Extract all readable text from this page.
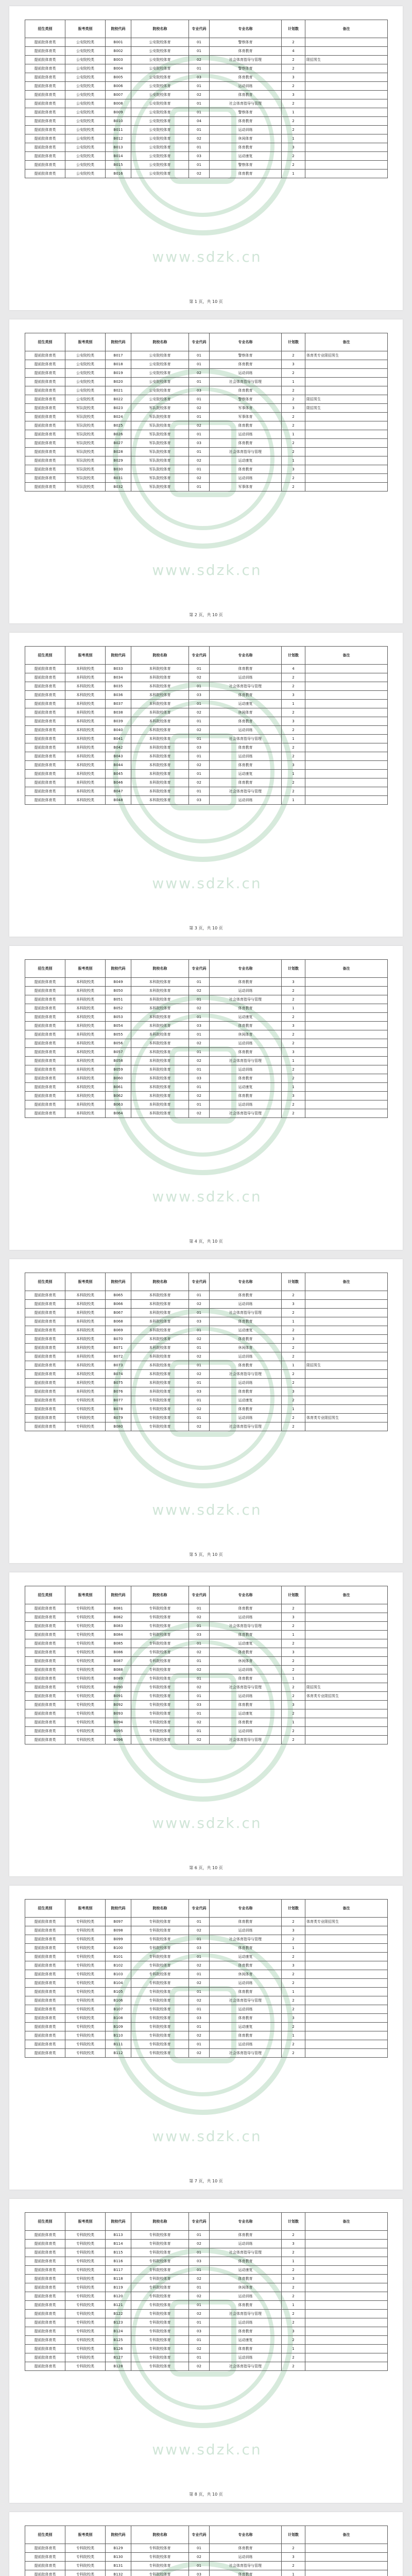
www.sdzk.cn
招生类别	报考类别	院校代码	院校名称	专业代码	专业名称	计划数	备注
提前批体育类	公安院校类	B001	公安院校体育	01	警察体育	2	
提前批体育类	公安院校类	B002	公安院校体育	01	体育教育	4	
提前批体育类	公安院校类	B003	公安院校体育	02	社会体育指导与管理	2	限招男生
提前批体育类	公安院校类	B004	公安院校体育	01	警察体育	2	
提前批体育类	公安院校类	B005	公安院校体育	03	体育教育	3	
提前批体育类	公安院校类	B006	公安院校体育	01	运动训练	2	
提前批体育类	公安院校类	B007	公安院校体育	02	体育教育	3	
提前批体育类	公安院校类	B008	公安院校体育	01	社会体育指导与管理	2	
提前批体育类	公安院校类	B009	公安院校体育	01	警察体育	1	
提前批体育类	公安院校类	B010	公安院校体育	04	体育教育	2	
提前批体育类	公安院校类	B011	公安院校体育	01	运动训练	2	
提前批体育类	公安院校类	B012	公安院校体育	02	休闲体育	1	
提前批体育类	公安院校类	B013	公安院校体育	01	体育教育	3	
提前批体育类	公安院校类	B014	公安院校体育	03	运动康复	2	
提前批体育类	公安院校类	B015	公安院校体育	01	警察体育	2	
提前批体育类	公安院校类	B016	公安院校体育	02	体育教育	1	
第 1 页，共 10 页
www.sdzk.cn
招生类别	报考类别	院校代码	院校名称	专业代码	专业名称	计划数	备注
提前批体育类	公安院校类	B017	公安院校体育	01	警察体育	2	体育类专业限招男生
提前批体育类	公安院校类	B018	公安院校体育	01	体育教育	3	
提前批体育类	公安院校类	B019	公安院校体育	02	运动训练	2	
提前批体育类	公安院校类	B020	公安院校体育	01	社会体育指导与管理	1	
提前批体育类	公安院校类	B021	公安院校体育	03	体育教育	2	
提前批体育类	公安院校类	B022	公安院校体育	01	警察体育	2	限招男生
提前批体育类	军队院校类	B023	军队院校体育	02	军事体育	3	限招男生
提前批体育类	军队院校类	B024	军队院校体育	01	军事体育	2	
提前批体育类	军队院校类	B025	军队院校体育	02	体育教育	2	
提前批体育类	军队院校类	B026	军队院校体育	01	运动训练	1	
提前批体育类	军队院校类	B027	军队院校体育	03	体育教育	2	
提前批体育类	军队院校类	B028	军队院校体育	01	社会体育指导与管理	2	
提前批体育类	军队院校类	B029	军队院校体育	02	运动康复	1	
提前批体育类	军队院校类	B030	军队院校体育	01	体育教育	3	
提前批体育类	军队院校类	B031	军队院校体育	02	运动训练	2	
提前批体育类	军队院校类	B032	军队院校体育	01	军事体育	2	
第 2 页，共 10 页
www.sdzk.cn
招生类别	报考类别	院校代码	院校名称	专业代码	专业名称	计划数	备注
提前批体育类	本科院校类	B033	本科院校体育	01	体育教育	4	
提前批体育类	本科院校类	B034	本科院校体育	02	运动训练	2	
提前批体育类	本科院校类	B035	本科院校体育	01	社会体育指导与管理	2	
提前批体育类	本科院校类	B036	本科院校体育	03	体育教育	3	
提前批体育类	本科院校类	B037	本科院校体育	01	运动康复	1	
提前批体育类	本科院校类	B038	本科院校体育	02	休闲体育	2	
提前批体育类	本科院校类	B039	本科院校体育	01	体育教育	3	
提前批体育类	本科院校类	B040	本科院校体育	02	运动训练	2	
提前批体育类	本科院校类	B041	本科院校体育	01	社会体育指导与管理	1	
提前批体育类	本科院校类	B042	本科院校体育	03	体育教育	2	
提前批体育类	本科院校类	B043	本科院校体育	01	运动训练	2	
提前批体育类	本科院校类	B044	本科院校体育	02	体育教育	3	
提前批体育类	本科院校类	B045	本科院校体育	01	运动康复	1	
提前批体育类	本科院校类	B046	本科院校体育	02	体育教育	2	
提前批体育类	本科院校类	B047	本科院校体育	01	社会体育指导与管理	2	
提前批体育类	本科院校类	B048	本科院校体育	03	运动训练	1	
第 3 页，共 10 页
www.sdzk.cn
招生类别	报考类别	院校代码	院校名称	专业代码	专业名称	计划数	备注
提前批体育类	本科院校类	B049	本科院校体育	01	体育教育	3	
提前批体育类	本科院校类	B050	本科院校体育	02	运动训练	2	
提前批体育类	本科院校类	B051	本科院校体育	01	社会体育指导与管理	2	
提前批体育类	本科院校类	B052	本科院校体育	02	体育教育	1	
提前批体育类	本科院校类	B053	本科院校体育	01	运动康复	2	
提前批体育类	本科院校类	B054	本科院校体育	03	体育教育	3	
提前批体育类	本科院校类	B055	本科院校体育	01	休闲体育	2	
提前批体育类	本科院校类	B056	本科院校体育	02	运动训练	2	
提前批体育类	本科院校类	B057	本科院校体育	01	体育教育	3	
提前批体育类	本科院校类	B058	本科院校体育	02	社会体育指导与管理	1	
提前批体育类	本科院校类	B059	本科院校体育	01	运动训练	2	
提前批体育类	本科院校类	B060	本科院校体育	03	体育教育	2	
提前批体育类	本科院校类	B061	本科院校体育	01	运动康复	1	
提前批体育类	本科院校类	B062	本科院校体育	02	体育教育	3	
提前批体育类	本科院校类	B063	本科院校体育	01	运动训练	2	
提前批体育类	本科院校类	B064	本科院校体育	02	社会体育指导与管理	2	
第 4 页，共 10 页
www.sdzk.cn
招生类别	报考类别	院校代码	院校名称	专业代码	专业名称	计划数	备注
提前批体育类	本科院校类	B065	本科院校体育	01	体育教育	2	
提前批体育类	本科院校类	B066	本科院校体育	02	运动训练	3	
提前批体育类	本科院校类	B067	本科院校体育	01	社会体育指导与管理	2	
提前批体育类	本科院校类	B068	本科院校体育	03	体育教育	1	
提前批体育类	本科院校类	B069	本科院校体育	01	运动康复	2	
提前批体育类	本科院校类	B070	本科院校体育	02	体育教育	3	
提前批体育类	本科院校类	B071	本科院校体育	01	休闲体育	2	
提前批体育类	本科院校类	B072	本科院校体育	02	运动训练	2	
提前批体育类	本科院校类	B073	本科院校体育	01	体育教育	1	限招男生
提前批体育类	本科院校类	B074	本科院校体育	02	社会体育指导与管理	2	
提前批体育类	本科院校类	B075	本科院校体育	01	运动训练	2	
提前批体育类	本科院校类	B076	本科院校体育	03	体育教育	3	
提前批体育类	专科院校类	B077	专科院校体育	01	运动康复	2	
提前批体育类	专科院校类	B078	专科院校体育	02	体育教育	1	
提前批体育类	专科院校类	B079	专科院校体育	01	运动训练	2	体育类专业限招男生
提前批体育类	专科院校类	B080	专科院校体育	02	社会体育指导与管理	2	
第 5 页，共 10 页
www.sdzk.cn
招生类别	报考类别	院校代码	院校名称	专业代码	专业名称	计划数	备注
提前批体育类	专科院校类	B081	专科院校体育	01	体育教育	2	
提前批体育类	专科院校类	B082	专科院校体育	02	运动训练	3	
提前批体育类	专科院校类	B083	专科院校体育	01	社会体育指导与管理	2	
提前批体育类	专科院校类	B084	专科院校体育	03	体育教育	1	
提前批体育类	专科院校类	B085	专科院校体育	01	运动康复	2	
提前批体育类	专科院校类	B086	专科院校体育	02	体育教育	3	
提前批体育类	专科院校类	B087	专科院校体育	01	休闲体育	2	
提前批体育类	专科院校类	B088	专科院校体育	02	运动训练	2	
提前批体育类	专科院校类	B089	专科院校体育	01	体育教育	1	
提前批体育类	专科院校类	B090	专科院校体育	02	社会体育指导与管理	2	限招男生
提前批体育类	专科院校类	B091	专科院校体育	01	运动训练	2	体育类专业限招男生
提前批体育类	专科院校类	B092	专科院校体育	03	体育教育	3	
提前批体育类	专科院校类	B093	专科院校体育	01	运动康复	2	
提前批体育类	专科院校类	B094	专科院校体育	02	体育教育	1	
提前批体育类	专科院校类	B095	专科院校体育	01	运动训练	2	
提前批体育类	专科院校类	B096	专科院校体育	02	社会体育指导与管理	2	
第 6 页，共 10 页
www.sdzk.cn
招生类别	报考类别	院校代码	院校名称	专业代码	专业名称	计划数	备注
提前批体育类	专科院校类	B097	专科院校体育	01	体育教育	2	体育类专业限招男生
提前批体育类	专科院校类	B098	专科院校体育	02	运动训练	3	
提前批体育类	专科院校类	B099	专科院校体育	01	社会体育指导与管理	2	
提前批体育类	专科院校类	B100	专科院校体育	03	体育教育	1	
提前批体育类	专科院校类	B101	专科院校体育	01	运动康复	2	
提前批体育类	专科院校类	B102	专科院校体育	02	体育教育	3	
提前批体育类	专科院校类	B103	专科院校体育	01	休闲体育	2	
提前批体育类	专科院校类	B104	专科院校体育	02	运动训练	2	
提前批体育类	专科院校类	B105	专科院校体育	01	体育教育	1	
提前批体育类	专科院校类	B106	专科院校体育	02	社会体育指导与管理	2	
提前批体育类	专科院校类	B107	专科院校体育	01	运动训练	2	
提前批体育类	专科院校类	B108	专科院校体育	03	体育教育	3	
提前批体育类	专科院校类	B109	专科院校体育	01	运动康复	2	
提前批体育类	专科院校类	B110	专科院校体育	02	体育教育	1	
提前批体育类	专科院校类	B111	专科院校体育	01	运动训练	2	
提前批体育类	专科院校类	B112	专科院校体育	02	社会体育指导与管理	2	
第 7 页，共 10 页
www.sdzk.cn
招生类别	报考类别	院校代码	院校名称	专业代码	专业名称	计划数	备注
提前批体育类	专科院校类	B113	专科院校体育	01	体育教育	2	
提前批体育类	专科院校类	B114	专科院校体育	02	运动训练	3	
提前批体育类	专科院校类	B115	专科院校体育	01	社会体育指导与管理	2	
提前批体育类	专科院校类	B116	专科院校体育	03	体育教育	1	
提前批体育类	专科院校类	B117	专科院校体育	01	运动康复	2	
提前批体育类	专科院校类	B118	专科院校体育	02	体育教育	3	
提前批体育类	专科院校类	B119	专科院校体育	01	休闲体育	2	
提前批体育类	专科院校类	B120	专科院校体育	02	运动训练	2	
提前批体育类	专科院校类	B121	专科院校体育	01	体育教育	1	
提前批体育类	专科院校类	B122	专科院校体育	02	社会体育指导与管理	2	
提前批体育类	专科院校类	B123	专科院校体育	01	运动训练	2	
提前批体育类	专科院校类	B124	专科院校体育	03	体育教育	3	
提前批体育类	专科院校类	B125	专科院校体育	01	运动康复	2	
提前批体育类	专科院校类	B126	专科院校体育	02	体育教育	1	
提前批体育类	专科院校类	B127	专科院校体育	01	运动训练	2	
提前批体育类	专科院校类	B128	专科院校体育	02	社会体育指导与管理	2	
第 8 页，共 10 页
招生类别	报考类别	院校代码	院校名称	专业代码	专业名称	计划数	备注
提前批体育类	专科院校类	B129	专科院校体育	01	体育教育	2	
提前批体育类	专科院校类	B130	专科院校体育	02	运动训练	3	
提前批体育类	专科院校类	B131	专科院校体育	01	社会体育指导与管理	2	
提前批体育类	专科院校类	B132	专科院校体育	03	体育教育	1	
